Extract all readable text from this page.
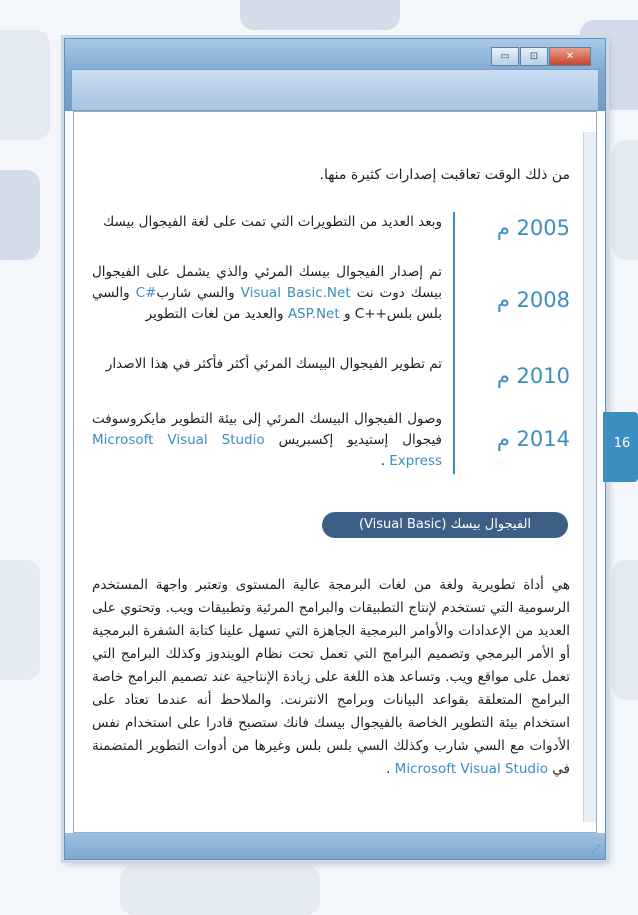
▭	⊡	✕
⋰
16
من ذلك الوقت تعاقبت إصدارات كثيرة منها.
2005 م
وبعد العديد من التطويرات التي تمت على لغة الفيجوال بيسك
2008 م
تم إصدار الفيجوال بيسك المرئي والذي يشمل على الفيجوال بيسك دوت نت Visual Basic.Net والسي شارب#C والسي بلس بلس++C و ASP.Net والعديد من لغات التطوير
2010 م
تم تطوير الفيجوال البيسك المرئي أكثر فأكثر في هذا الاصدار
2014 م
وصول الفيجوال البيسك المرئي إلى بيئة التطوير مايكروسوفت فيجوال إستيديو إكسبريس Microsoft Visual Studio Express .
الفيجوال بيسك (Visual Basic)
هي أداة تطويرية ولغة من لغات البرمجة عالية المستوى وتعتبر واجهة المستخدم الرسومية التي تستخدم لإنتاج التطبيقات والبرامج المرئية وتطبيقات ويب. وتحتوي على العديد من الإعدادات والأوامر البرمجية الجاهزة التي تسهل علينا كتابة الشفرة البرمجية أو الأمر البرمجي وتصميم البرامج التي تعمل تحت نظام الويندوز وكذلك البرامج التي تعمل على مواقع ويب. وتساعد هذه اللغة على زيادة الإنتاجية عند تصميم البرامج خاصة البرامج المتعلقة بقواعد البيانات وبرامج الانترنت. والملاحظ أنه عندما تعتاد على استخدام بيئة التطوير الخاصة بالفيجوال بيسك فانك ستصبح قادرا على استخدام نفس الأدوات مع السي شارب وكذلك السي بلس بلس وغيرها من أدوات التطوير المتضمنة في Microsoft Visual Studio .
